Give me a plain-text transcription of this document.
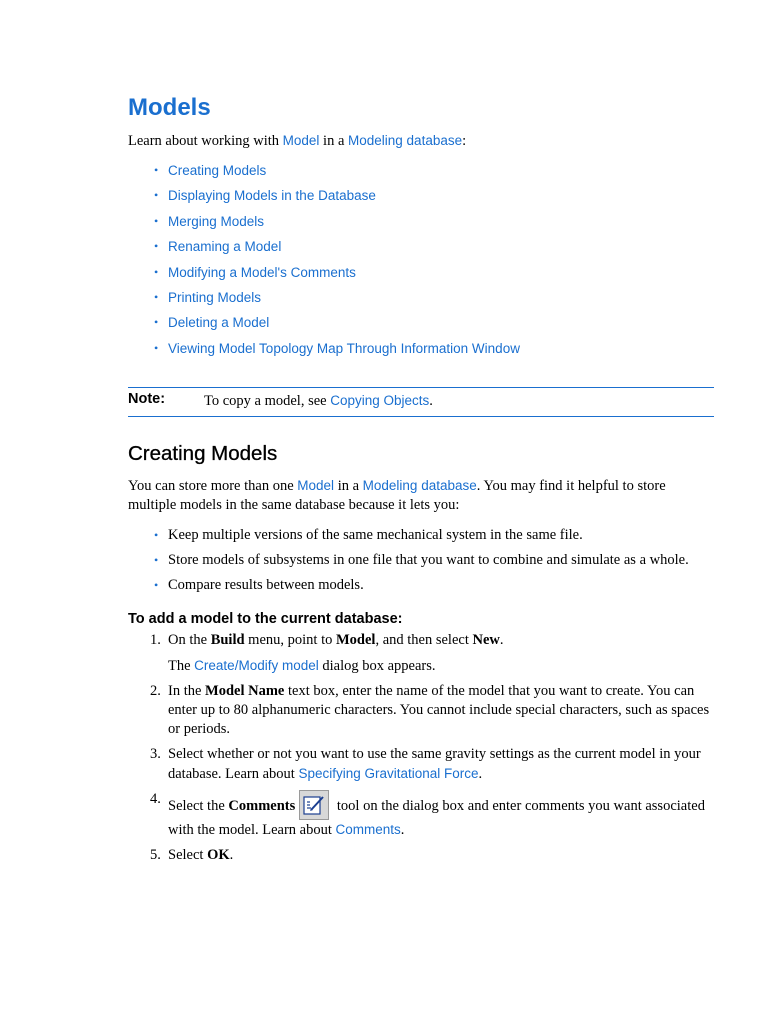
Models
Learn about working with Model in a Modeling database:
• Creating Models
• Displaying Models in the Database
• Merging Models
• Renaming a Model
• Modifying a Model's Comments
• Printing Models
• Deleting a Model
• Viewing Model Topology Map Through Information Window
Note:	To copy a model, see Copying Objects.
Creating Models
You can store more than one Model in a Modeling database. You may find it helpful to store multiple models in the same database because it lets you:
• Keep multiple versions of the same mechanical system in the same file.
• Store models of subsystems in one file that you want to combine and simulate as a whole.
• Compare results between models.
To add a model to the current database:
1. On the Build menu, point to Model, and then select New.
The Create/Modify model dialog box appears.
2. In the Model Name text box, enter the name of the model that you want to create. You can enter up to 80 alphanumeric characters. You cannot include special characters, such as spaces or periods.
3. Select whether or not you want to use the same gravity settings as the current model in your database. Learn about Specifying Gravitational Force.
4. Select the Comments	tool on the dialog box and enter comments you want associated with the model. Learn about Comments.
5. Select OK.
